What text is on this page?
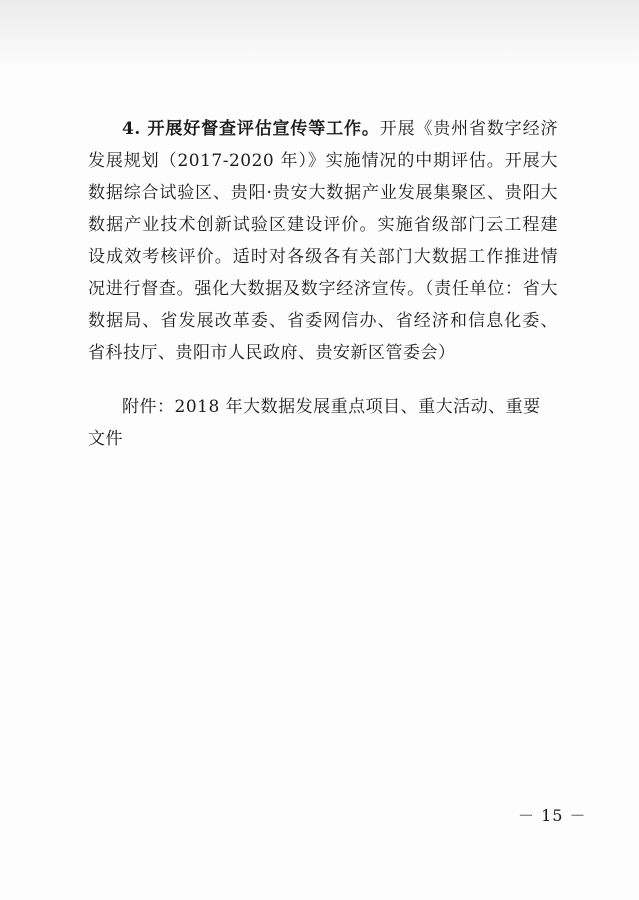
4. 开展好督查评估宣传等工作。开展《贵州省数字经济发展规划（2017-2020 年）》实施情况的中期评估。开展大数据综合试验区、贵阳·贵安大数据产业发展集聚区、贵阳大数据产业技术创新试验区建设评价。实施省级部门云工程建设成效考核评价。适时对各级各有关部门大数据工作推进情况进行督查。强化大数据及数字经济宣传。（责任单位：省大数据局、省发展改革委、省委网信办、省经济和信息化委、省科技厅、贵阳市人民政府、贵安新区管委会）

附件：2018 年大数据发展重点项目、重大活动、重要文件

－ 15 －
